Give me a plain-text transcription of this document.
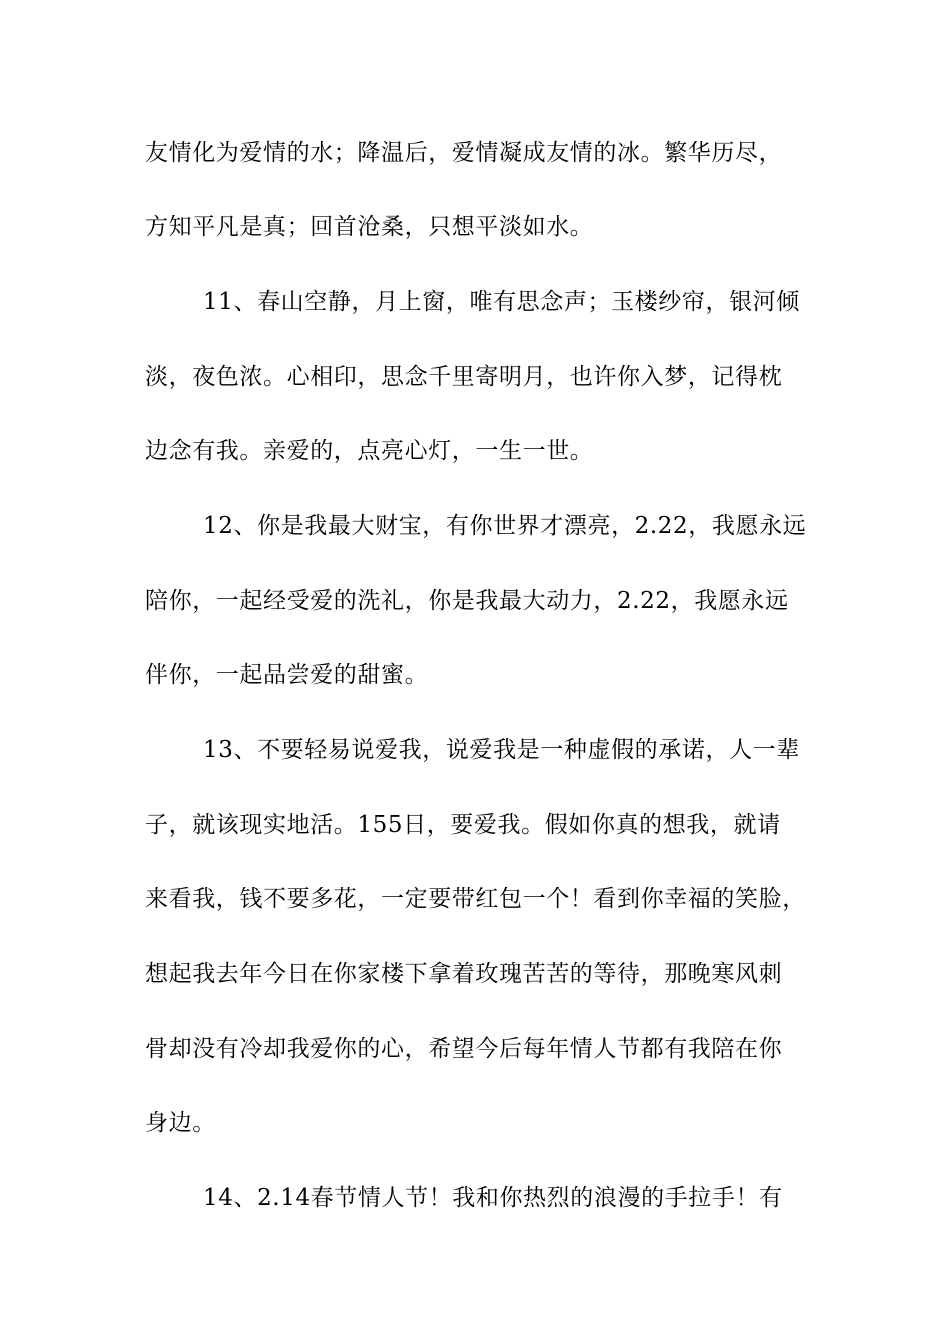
友情化为爱情的水；降温后，爱情凝成友情的冰。繁华历尽，
方知平凡是真；回首沧桑，只想平淡如水。
11、春山空静，月上窗，唯有思念声；玉楼纱帘，银河倾
淡，夜色浓。心相印，思念千里寄明月，也许你入梦，记得枕
边念有我。亲爱的，点亮心灯，一生一世。
12、你是我最大财宝，有你世界才漂亮，2.22，我愿永远
陪你，一起经受爱的洗礼，你是我最大动力，2.22，我愿永远
伴你，一起品尝爱的甜蜜。
13、不要轻易说爱我，说爱我是一种虚假的承诺，人一辈
子，就该现实地活。155日，要爱我。假如你真的想我，就请
来看我，钱不要多花，一定要带红包一个！看到你幸福的笑脸，
想起我去年今日在你家楼下拿着玫瑰苦苦的等待，那晚寒风刺
骨却没有冷却我爱你的心，希望今后每年情人节都有我陪在你
身边。
14、2.14春节情人节！我和你热烈的浪漫的手拉手！有
